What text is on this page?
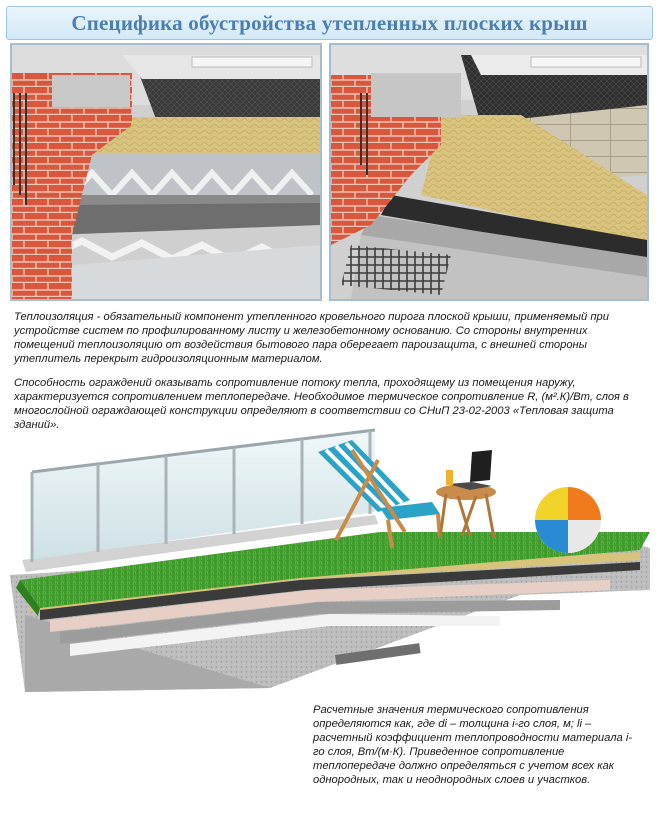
Специфика обустройства утепленных плоских крыш

Теплоизоляция - обязательный компонент утепленного кровельного пирога плоской крыши, применяемый при устройстве систем по профилированному листу и железобетонному основанию. Со стороны внутренних помещений теплоизоляцию от воздействия бытового пара оберегает пароизащита, с внешней стороны утеплитель перекрыт гидроизоляционным материалом.

Способность ограждений оказывать сопротивление потоку тепла, проходящему из помещения наружу, характеризуется сопротивлением теплопередаче. Необходимое термическое сопротивление R, (м².К)/Вт, слоя в многослойной ограждающей конструкции определяют в соответствии со СНиП 23-02-2003 «Тепловая защита зданий».

Расчетные значения термического сопротивления определяются как, где di – толщина i-го слоя, м; li – расчетный коэффициент теплопроводности материала i-го слоя, Вт/(м·К). Приведенное сопротивление теплопередаче должно определяться с учетом всех как однородных, так и неоднородных слоев и участков.
